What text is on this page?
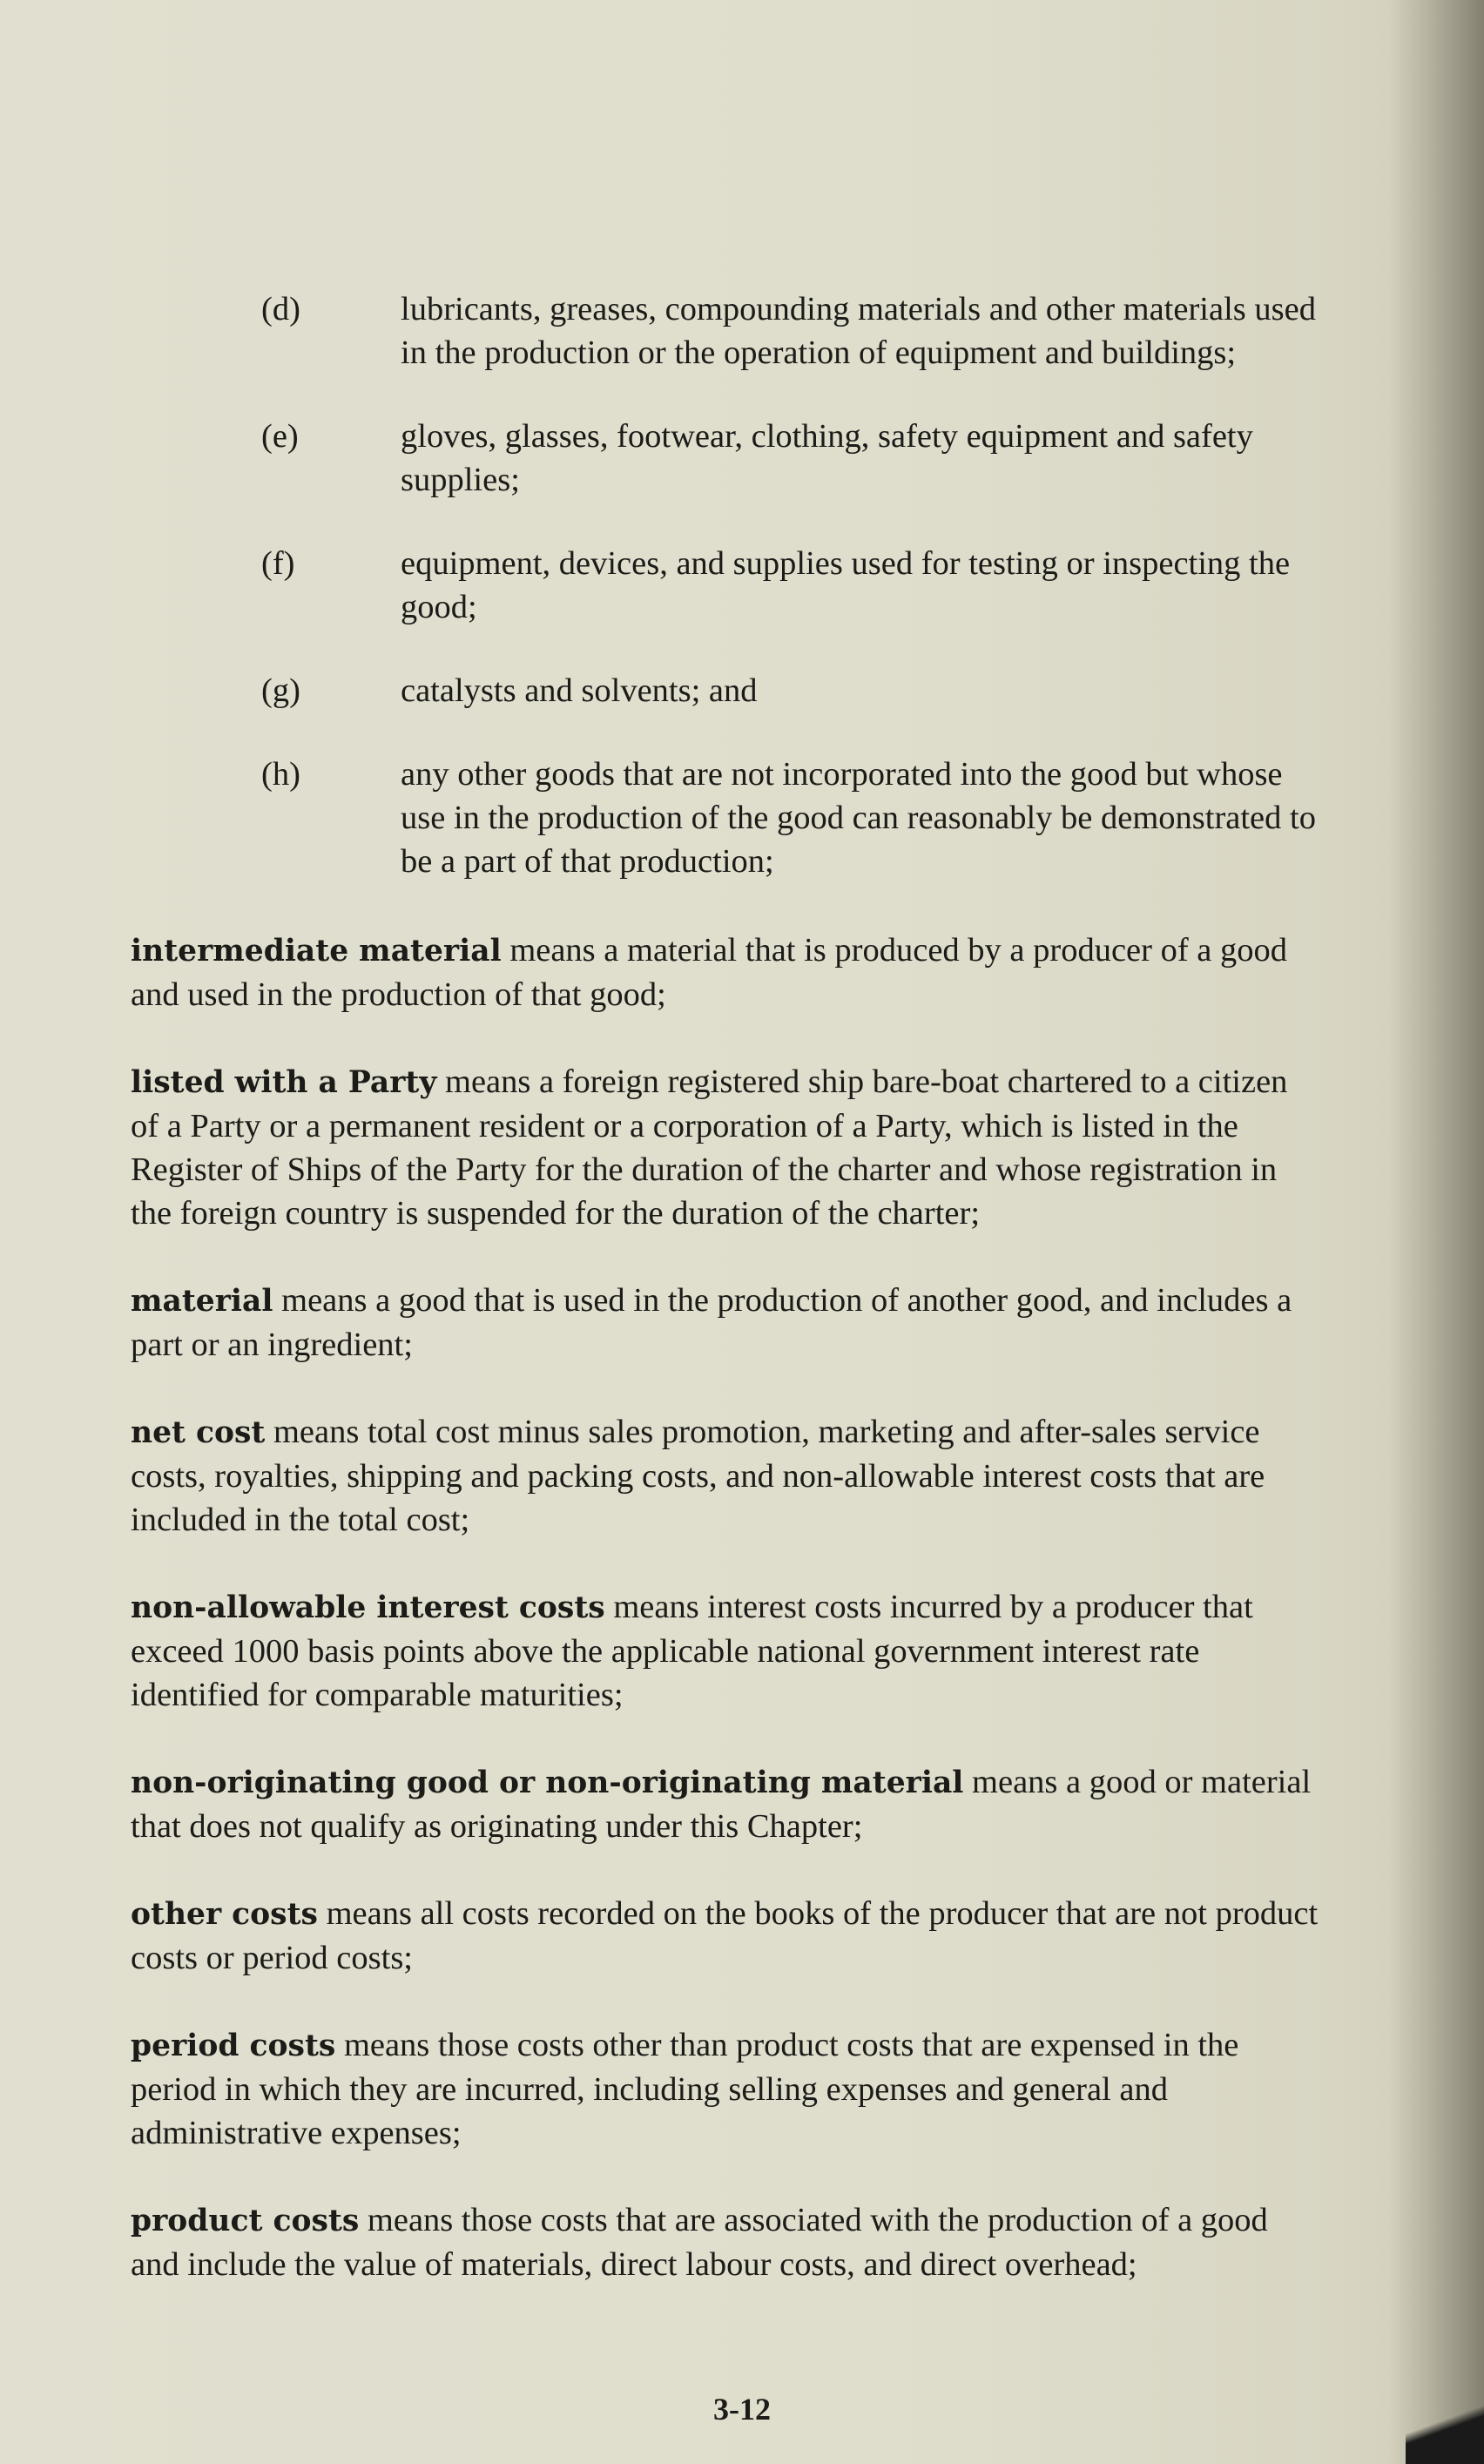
(d)	lubricants, greases, compounding materials and other materials used in the production or the operation of equipment and buildings;
(e)	gloves, glasses, footwear, clothing, safety equipment and safety supplies;
(f)	equipment, devices, and supplies used for testing or inspecting the good;
(g)	catalysts and solvents; and
(h)	any other goods that are not incorporated into the good but whose use in the production of the good can reasonably be demonstrated to be a part of that production;

intermediate material means a material that is produced by a producer of a good and used in the production of that good;

listed with a Party means a foreign registered ship bare-boat chartered to a citizen of a Party or a permanent resident or a corporation of a Party, which is listed in the Register of Ships of the Party for the duration of the charter and whose registration in the foreign country is suspended for the duration of the charter;

material means a good that is used in the production of another good, and includes a part or an ingredient;

net cost means total cost minus sales promotion, marketing and after-sales service costs, royalties, shipping and packing costs, and non-allowable interest costs that are included in the total cost;

non-allowable interest costs means interest costs incurred by a producer that exceed 1000 basis points above the applicable national government interest rate identified for comparable maturities;

non-originating good or non-originating material means a good or material that does not qualify as originating under this Chapter;

other costs means all costs recorded on the books of the producer that are not product costs or period costs;

period costs means those costs other than product costs that are expensed in the period in which they are incurred, including selling expenses and general and administrative expenses;

product costs means those costs that are associated with the production of a good and include the value of materials, direct labour costs, and direct overhead;

3-12
